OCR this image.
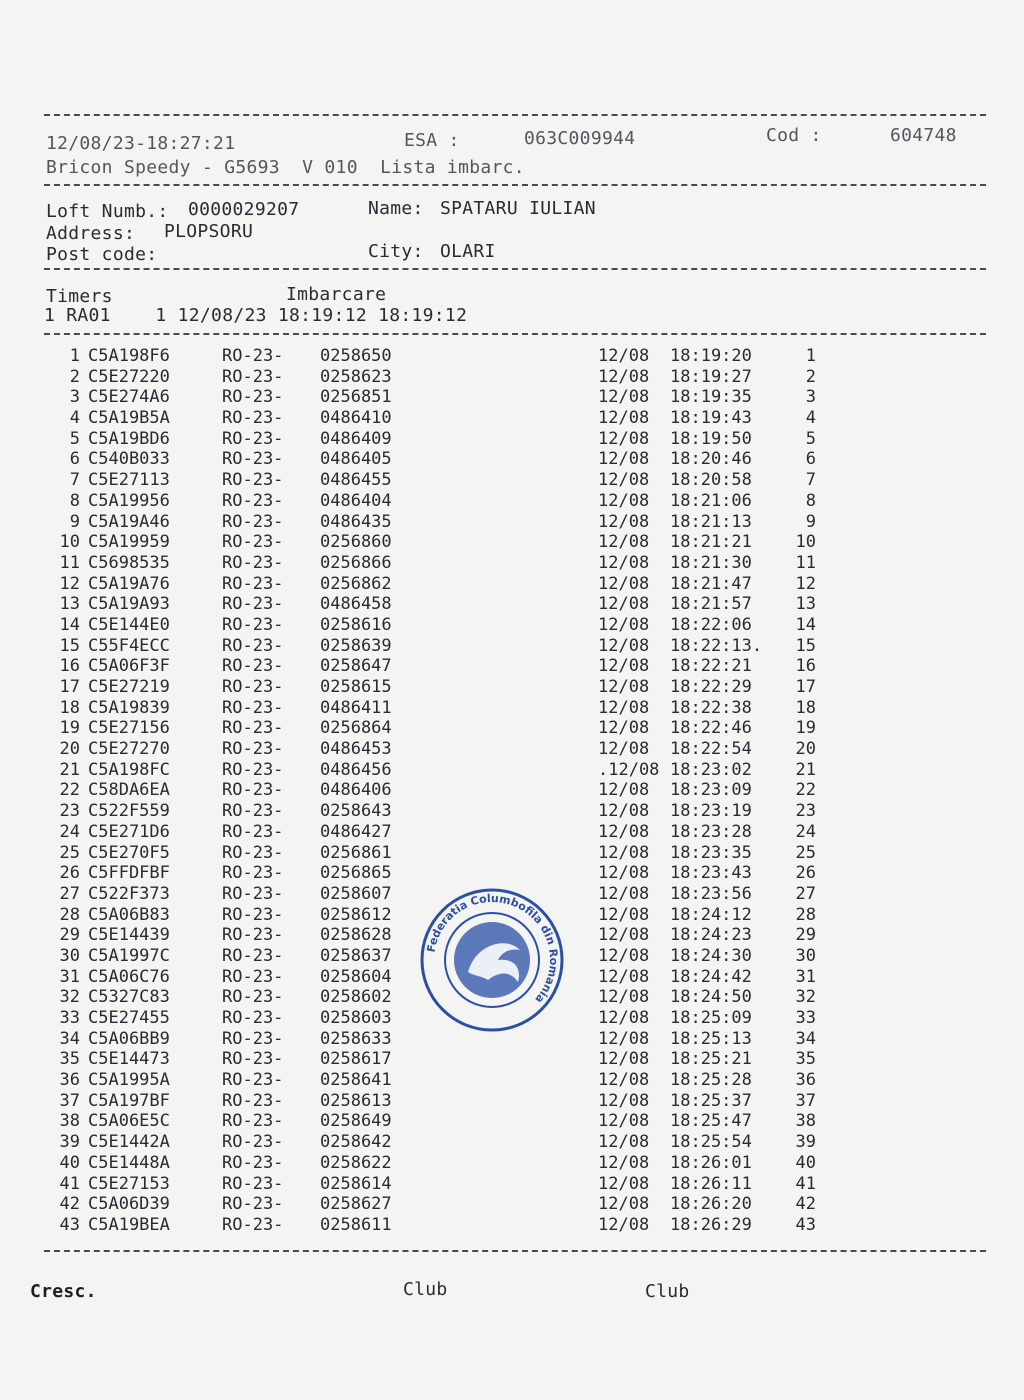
12/08/23-18:27:21	ESA :	063C009944	Cod :	604748
Bricon Speedy - G5693  V 010  Lista imbarc.
Loft Numb.: 0000029207	Name: SPATARU IULIAN
Address: PLOPSORU
Post code:	City: OLARI
Timers	Imbarcare
1 RA01    1 12/08/23 18:19:12 18:19:12
1 C5A198F6	RO-23- 0258650	12/08 18:19:20	1
2 C5E27220	RO-23- 0258623	12/08 18:19:27	2
3 C5E274A6	RO-23- 0256851	12/08 18:19:35	3
4 C5A19B5A	RO-23- 0486410	12/08 18:19:43	4
5 C5A19BD6	RO-23- 0486409	12/08 18:19:50	5
6 C540B033	RO-23- 0486405	12/08 18:20:46	6
7 C5E27113	RO-23- 0486455	12/08 18:20:58	7
8 C5A19956	RO-23- 0486404	12/08 18:21:06	8
9 C5A19A46	RO-23- 0486435	12/08 18:21:13	9
10 C5A19959	RO-23- 0256860	12/08 18:21:21	10
11 C5698535	RO-23- 0256866	12/08 18:21:30	11
12 C5A19A76	RO-23- 0256862	12/08 18:21:47	12
13 C5A19A93	RO-23- 0486458	12/08 18:21:57	13
14 C5E144E0	RO-23- 0258616	12/08 18:22:06	14
15 C55F4ECC	RO-23- 0258639	12/08 18:22:13.	15
16 C5A06F3F	RO-23- 0258647	12/08 18:22:21	16
17 C5E27219	RO-23- 0258615	12/08 18:22:29	17
18 C5A19839	RO-23- 0486411	12/08 18:22:38	18
19 C5E27156	RO-23- 0256864	12/08 18:22:46	19
20 C5E27270	RO-23- 0486453	12/08 18:22:54	20
21 C5A198FC	RO-23- 0486456	.12/08 18:23:02	21
22 C58DA6EA	RO-23- 0486406	12/08 18:23:09	22
23 C522F559	RO-23- 0258643	12/08 18:23:19	23
24 C5E271D6	RO-23- 0486427	12/08 18:23:28	24
25 C5E270F5	RO-23- 0256861	12/08 18:23:35	25
26 C5FFDFBF	RO-23- 0256865	12/08 18:23:43	26
27 C522F373	RO-23- 0258607	12/08 18:23:56	27
28 C5A06B83	RO-23- 0258612	12/08 18:24:12	28
29 C5E14439	RO-23- 0258628	12/08 18:24:23	29
30 C5A1997C	RO-23- 0258637	12/08 18:24:30	30
31 C5A06C76	RO-23- 0258604	12/08 18:24:42	31
32 C5327C83	RO-23- 0258602	12/08 18:24:50	32
33 C5E27455	RO-23- 0258603	12/08 18:25:09	33
34 C5A06BB9	RO-23- 0258633	12/08 18:25:13	34
35 C5E14473	RO-23- 0258617	12/08 18:25:21	35
36 C5A1995A	RO-23- 0258641	12/08 18:25:28	36
37 C5A197BF	RO-23- 0258613	12/08 18:25:37	37
38 C5A06E5C	RO-23- 0258649	12/08 18:25:47	38
39 C5E1442A	RO-23- 0258642	12/08 18:25:54	39
40 C5E1448A	RO-23- 0258622	12/08 18:26:01	40
41 C5E27153	RO-23- 0258614	12/08 18:26:11	41
42 C5A06D39	RO-23- 0258627	12/08 18:26:20	42
43 C5A19BEA	RO-23- 0258611	12/08 18:26:29	43
Federatia Columbofila din Romania
Cresc.	Club	Club
